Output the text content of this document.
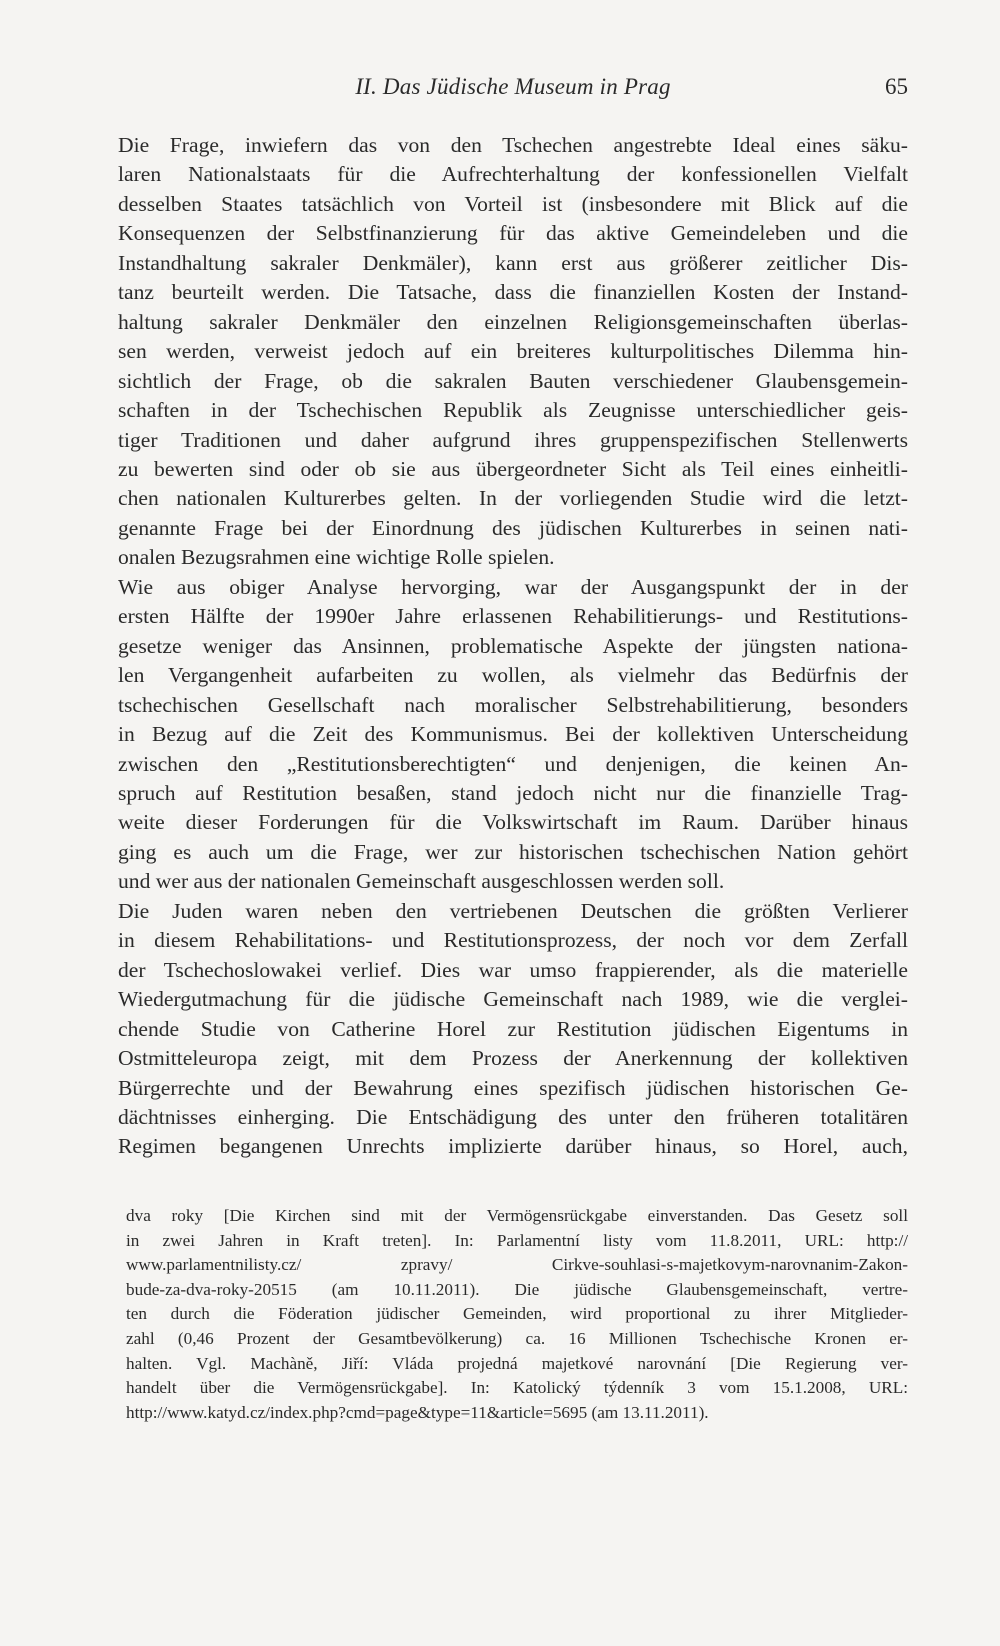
II. Das Jüdische Museum in Prag	65

Die Frage, inwiefern das von den Tschechen angestrebte Ideal eines säku-
laren Nationalstaats für die Aufrechterhaltung der konfessionellen Vielfalt
desselben Staates tatsächlich von Vorteil ist (insbesondere mit Blick auf die
Konsequenzen der Selbstfinanzierung für das aktive Gemeindeleben und die
Instandhaltung sakraler Denkmäler), kann erst aus größerer zeitlicher Dis-
tanz beurteilt werden. Die Tatsache, dass die finanziellen Kosten der Instand-
haltung sakraler Denkmäler den einzelnen Religionsgemeinschaften überlas-
sen werden, verweist jedoch auf ein breiteres kulturpolitisches Dilemma hin-
sichtlich der Frage, ob die sakralen Bauten verschiedener Glaubensgemein-
schaften in der Tschechischen Republik als Zeugnisse unterschiedlicher geis-
tiger Traditionen und daher aufgrund ihres gruppenspezifischen Stellenwerts
zu bewerten sind oder ob sie aus übergeordneter Sicht als Teil eines einheitli-
chen nationalen Kulturerbes gelten. In der vorliegenden Studie wird die letzt-
genannte Frage bei der Einordnung des jüdischen Kulturerbes in seinen nati-
onalen Bezugsrahmen eine wichtige Rolle spielen.

Wie aus obiger Analyse hervorging, war der Ausgangspunkt der in der
ersten Hälfte der 1990er Jahre erlassenen Rehabilitierungs- und Restitutions-
gesetze weniger das Ansinnen, problematische Aspekte der jüngsten nationa-
len Vergangenheit aufarbeiten zu wollen, als vielmehr das Bedürfnis der
tschechischen Gesellschaft nach moralischer Selbstrehabilitierung, besonders
in Bezug auf die Zeit des Kommunismus. Bei der kollektiven Unterscheidung
zwischen den „Restitutionsberechtigten“ und denjenigen, die keinen An-
spruch auf Restitution besaßen, stand jedoch nicht nur die finanzielle Trag-
weite dieser Forderungen für die Volkswirtschaft im Raum. Darüber hinaus
ging es auch um die Frage, wer zur historischen tschechischen Nation gehört
und wer aus der nationalen Gemeinschaft ausgeschlossen werden soll.

Die Juden waren neben den vertriebenen Deutschen die größten Verlierer
in diesem Rehabilitations- und Restitutionsprozess, der noch vor dem Zerfall
der Tschechoslowakei verlief. Dies war umso frappierender, als die materielle
Wiedergutmachung für die jüdische Gemeinschaft nach 1989, wie die verglei-
chende Studie von Catherine Horel zur Restitution jüdischen Eigentums in
Ostmitteleuropa zeigt, mit dem Prozess der Anerkennung der kollektiven
Bürgerrechte und der Bewahrung eines spezifisch jüdischen historischen Ge-
dächtnisses einherging. Die Entschädigung des unter den früheren totalitären
Regimen begangenen Unrechts implizierte darüber hinaus, so Horel, auch,

dva roky [Die Kirchen sind mit der Vermögensrückgabe einverstanden. Das Gesetz soll
in zwei Jahren in Kraft treten]. In: Parlamentní listy vom 11.8.2011, URL: http://
www.parlamentnilisty.cz/ zpravy/ Cirkve-souhlasi-s-majetkovym-narovnanim-Zakon-
bude-za-dva-roky-20515 (am 10.11.2011). Die jüdische Glaubensgemeinschaft, vertre-
ten durch die Föderation jüdischer Gemeinden, wird proportional zu ihrer Mitglieder-
zahl (0,46 Prozent der Gesamtbevölkerung) ca. 16 Millionen Tschechische Kronen er-
halten. Vgl. Machàně, Jiří: Vláda projedná majetkové narovnání [Die Regierung ver-
handelt über die Vermögensrückgabe]. In: Katolický týdenník 3 vom 15.1.2008, URL:
http://www.katyd.cz/index.php?cmd=page&type=11&article=5695 (am 13.11.2011).
